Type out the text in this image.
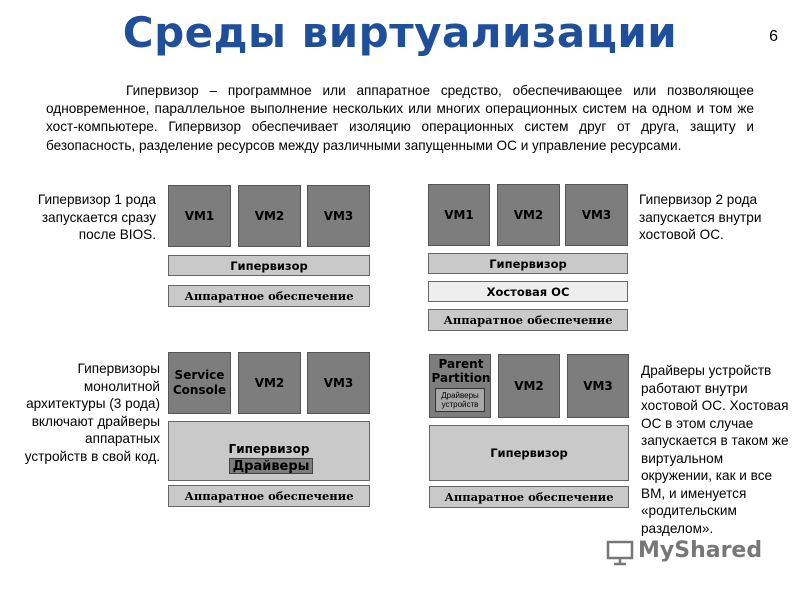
Среды виртуализации	6
Гипервизор – программное или аппаратное средство, обеспечивающее или позволяющее одновременное, параллельное выполнение нескольких или многих операционных систем на одном и том же хост-компьютере. Гипервизор обеспечивает изоляцию операционных систем друг от друга, защиту и безопасность, разделение ресурсов между различными запущенными ОС и управление ресурсами.
Гипервизор 1 рода запускается сразу после BIOS.
Гипервизор 2 рода запускается внутри хостовой ОС.
Гипервизоры монолитной архитектуры (3 рода) включают драйверы аппаратных устройств в свой код.
Драйверы устройств работают внутри хостовой ОС. Хостовая ОС в этом случае запускается в таком же виртуальном окружении, как и все ВМ, и именуется «родительским разделом».
VM1	VM2	VM3
Гипервизор
Аппаратное обеспечение
VM1	VM2	VM3
Гипервизор
Хостовая ОС
Аппаратное обеспечение
Service Console	VM2	VM3
Гипервизор
Драйверы
Аппаратное обеспечение
Parent Partition
Драйверы устройств
VM2	VM3
Гипервизор
Аппаратное обеспечение
MyShared
